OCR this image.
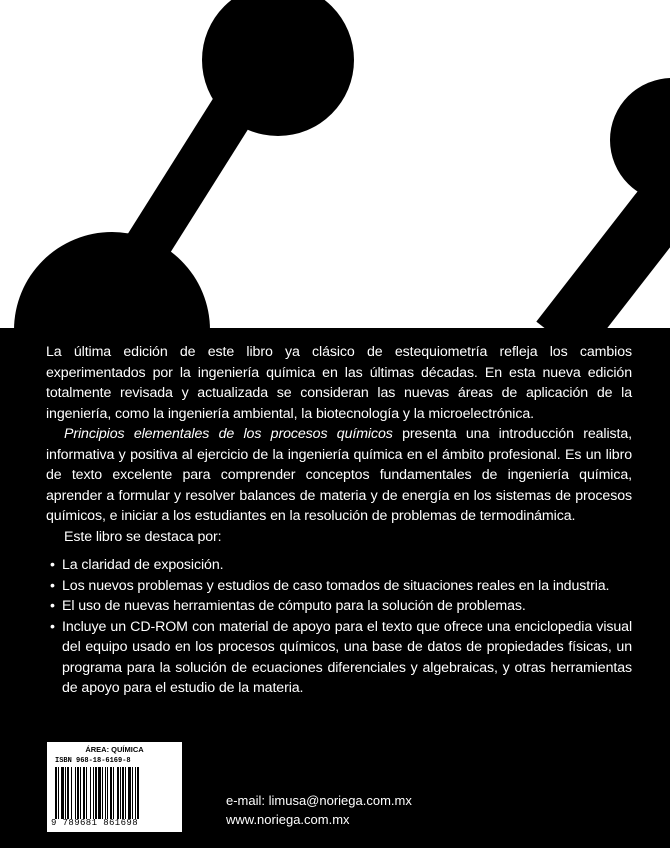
La última edición de este libro ya clásico de estequiometría refleja los cambios experimentados por la ingeniería química en las últimas décadas. En esta nueva edición totalmente revisada y actualizada se consideran las nuevas áreas de aplicación de la ingeniería, como la ingeniería ambiental, la biotecnología y la microelectrónica.

Principios elementales de los procesos químicos presenta una introducción realista, informativa y positiva al ejercicio de la ingeniería química en el ámbito profesional. Es un libro de texto excelente para comprender conceptos fundamentales de ingeniería química, aprender a formular y resolver balances de materia y de energía en los sistemas de procesos químicos, e iniciar a los estudiantes en la resolución de problemas de termodinámica.

Este libro se destaca por:

• La claridad de exposición.
• Los nuevos problemas y estudios de caso tomados de situaciones reales en la industria.
• El uso de nuevas herramientas de cómputo para la solución de problemas.
• Incluye un CD-ROM con material de apoyo para el texto que ofrece una enciclopedia visual del equipo usado en los procesos químicos, una base de datos de propiedades físicas, un programa para la solución de ecuaciones diferenciales y algebraicas, y otras herramientas de apoyo para el estudio de la materia.
ÁREA: QUÍMICA
ISBN 968-18-6169-8
9 789681 861698
e-mail: limusa@noriega.com.mx
www.noriega.com.mx
